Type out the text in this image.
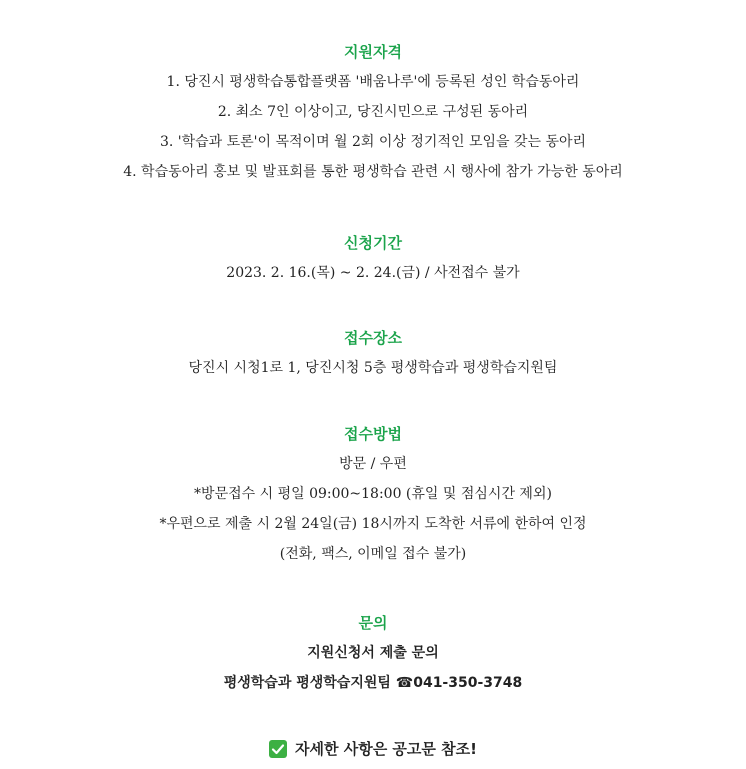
지원자격
1. 당진시 평생학습통합플랫폼 '배움나루'에 등록된 성인 학습동아리
2. 최소 7인 이상이고, 당진시민으로 구성된 동아리
3. '학습과 토론'이 목적이며 월 2회 이상 정기적인 모임을 갖는 동아리
4. 학습동아리 홍보 및 발표회를 통한 평생학습 관련 시 행사에 참가 가능한 동아리
신청기간
2023. 2. 16.(목) ~ 2. 24.(금) / 사전접수 불가
접수장소
당진시 시청1로 1, 당진시청 5층 평생학습과 평생학습지원팀
접수방법
방문 / 우편
*방문접수 시 평일 09:00~18:00 (휴일 및 점심시간 제외)
*우편으로 제출 시 2월 24일(금) 18시까지 도착한 서류에 한하여 인정
(전화, 팩스, 이메일 접수 불가)
문의
지원신청서 제출 문의
평생학습과 평생학습지원팀 ☎041-350-3748
자세한 사항은 공고문 참조!
